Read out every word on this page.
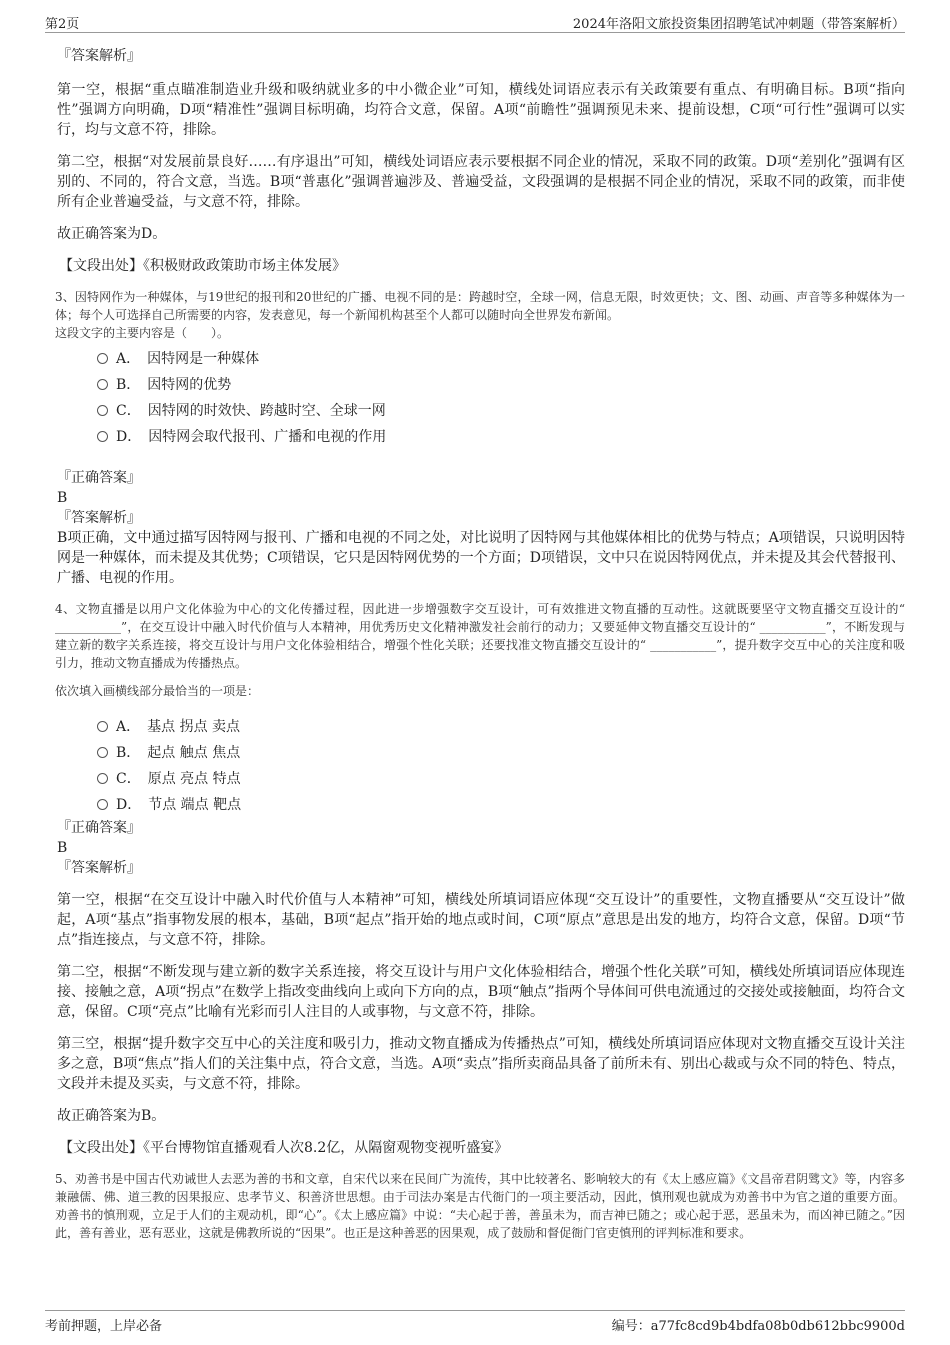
第2页	2024年洛阳文旅投资集团招聘笔试冲刺题（带答案解析）

『答案解析』

第一空，根据“重点瞄准制造业升级和吸纳就业多的中小微企业”可知，横线处词语应表示有关政策要有重点、有明确目标。B项“指向性”强调方向明确，D项“精准性”强调目标明确，均符合文意，保留。A项“前瞻性”强调预见未来、提前设想，C项“可行性”强调可以实行，均与文意不符，排除。

第二空，根据“对发展前景良好……有序退出”可知，横线处词语应表示要根据不同企业的情况，采取不同的政策。D项“差别化”强调有区别的、不同的，符合文意，当选。B项“普惠化”强调普遍涉及、普遍受益，文段强调的是根据不同企业的情况，采取不同的政策，而非使所有企业普遍受益，与文意不符，排除。

故正确答案为D。

【文段出处】《积极财政政策助市场主体发展》

3、因特网作为一种媒体，与19世纪的报刊和20世纪的广播、电视不同的是：跨越时空，全球一网，信息无限，时效更快；文、图、动画、声音等多种媒体为一体；每个人可选择自己所需要的内容，发表意见，每一个新闻机构甚至个人都可以随时向全世界发布新闻。

这段文字的主要内容是（　　）。

A．　 因特网是一种媒体

B．　 因特网的优势

C．　 因特网的时效快、跨越时空、全球一网

D．　 因特网会取代报刊、广播和电视的作用

『正确答案』

B

『答案解析』

B项正确，文中通过描写因特网与报刊、广播和电视的不同之处，对比说明了因特网与其他媒体相比的优势与特点；A项错误，只说明因特网是一种媒体，而未提及其优势；C项错误，它只是因特网优势的一个方面；D项错误，文中只在说因特网优点，并未提及其会代替报刊、广播、电视的作用。

4、文物直播是以用户文化体验为中心的文化传播过程，因此进一步增强数字交互设计，可有效推进文物直播的互动性。这就既要坚守文物直播交互设计的“ ___________”，在交互设计中融入时代价值与人本精神，用优秀历史文化精神激发社会前行的动力；又要延伸文物直播交互设计的“ ___________”，不断发现与建立新的数字关系连接，将交互设计与用户文化体验相结合，增强个性化关联；还要找准文物直播交互设计的“ ___________”，提升数字交互中心的关注度和吸引力，推动文物直播成为传播热点。

依次填入画横线部分最恰当的一项是：

A．　 基点 拐点 卖点

B．　 起点 触点 焦点

C．　 原点 亮点 特点

D．　 节点 端点 靶点

『正确答案』

B

『答案解析』

第一空，根据“在交互设计中融入时代价值与人本精神”可知，横线处所填词语应体现“交互设计”的重要性，文物直播要从“交互设计”做起，A项“基点”指事物发展的根本，基础，B项“起点”指开始的地点或时间，C项“原点”意思是出发的地方，均符合文意，保留。D项“节点”指连接点，与文意不符，排除。

第二空，根据“不断发现与建立新的数字关系连接，将交互设计与用户文化体验相结合，增强个性化关联”可知，横线处所填词语应体现连接、接触之意，A项“拐点”在数学上指改变曲线向上或向下方向的点，B项“触点”指两个导体间可供电流通过的交接处或接触面，均符合文意，保留。C项“亮点”比喻有光彩而引人注目的人或事物，与文意不符，排除。

第三空，根据“提升数字交互中心的关注度和吸引力，推动文物直播成为传播热点”可知，横线处所填词语应体现对文物直播交互设计关注多之意，B项“焦点”指人们的关注集中点，符合文意，当选。A项“卖点”指所卖商品具备了前所未有、别出心裁或与众不同的特色、特点，文段并未提及买卖，与文意不符，排除。

故正确答案为B。

【文段出处】《平台博物馆直播观看人次8.2亿，从隔窗观物变视听盛宴》

5、劝善书是中国古代劝诫世人去恶为善的书和文章，自宋代以来在民间广为流传，其中比较著名、影响较大的有《太上感应篇》《文昌帝君阴骘文》等，内容多兼融儒、佛、道三教的因果报应、忠孝节义、积善济世思想。由于司法办案是古代衙门的一项主要活动，因此，慎刑观也就成为劝善书中为官之道的重要方面。劝善书的慎刑观，立足于人们的主观动机，即“心”。《太上感应篇》中说：“夫心起于善，善虽未为，而吉神已随之；或心起于恶，恶虽未为，而凶神已随之。”因此，善有善业，恶有恶业，这就是佛教所说的“因果”。也正是这种善恶的因果观，成了鼓励和督促衙门官吏慎刑的评判标准和要求。

考前押题，上岸必备	编号：a77fc8cd9b4bdfa08b0db612bbc9900d
